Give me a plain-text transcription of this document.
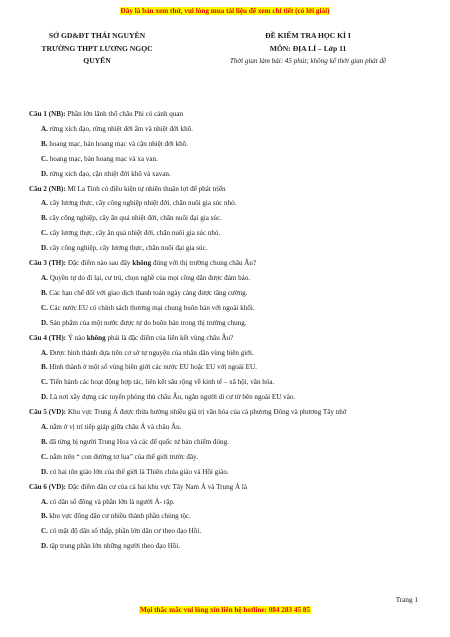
Đây là bản xem thử, vui lòng mua tài liệu để xem chi tiết (có lời giải)
SỞ GD&ĐT THÁI NGUYÊN
TRƯỜNG THPT LƯƠNG NGỌC
QUYẾN
ĐỀ KIỂM TRA HỌC KÌ I
MÔN: ĐỊA LÍ – Lớp 11
Thời gian làm bài: 45 phút; không kể thời gian phát đề
Câu 1 (NB): Phần lớn lãnh thổ châu Phi có cảnh quan
A. rừng xích đạo, rừng nhiệt đới ẩm và nhiệt đới khô.
B. hoang mạc, bán hoang mạc và cận nhiệt đới khô.
C. hoang mạc, bán hoang mạc và xa van.
D. rừng xích đạo, cận nhiệt đới khô và xavan.
Câu 2 (NB): Mĩ La Tinh có điều kiện tự nhiên thuận lợi để phát triển
A. cây lương thực, cây công nghiệp nhiệt đới, chăn nuôi gia súc nhỏ.
B. cây công nghiệp, cây ăn quả nhiệt đới, chăn nuôi đại gia súc.
C. cây lương thực, cây ăn quả nhiệt đới, chăn nuôi gia súc nhỏ.
D. cây công nghiệp, cây lương thực, chăn nuôi đại gia súc.
Câu 3 (TH): Đặc điểm nào sau đây không đúng với thị trường chung châu Âu?
A. Quyền tự do đi lại, cư trú, chọn nghề của mọi công dân được đảm bảo.
B. Các hạn chế đối với giao dịch thanh toán ngày càng được tăng cường.
C. Các nước EU có chính sách thương mại chung buôn bán với ngoài khối.
D. Sản phẩm của một nước được tự do buôn bán trong thị trường chung.
Câu 4 (TH): Ý nào không phải là đặc điểm của liên kết vùng châu Âu?
A. Được hình thành dựa trên cơ sở tự nguyện của nhân dân vùng biên giới.
B. Hình thành ở một số vùng biên giới các nước EU hoặc EU với ngoài EU.
C. Tiến hành các hoạt động hợp tác, liên kết sâu rộng về kinh tế – xã hội, văn hóa.
D. Là nơi xây dựng các tuyến phòng thủ châu Âu, ngăn người di cư từ bên ngoài EU vào.
Câu 5 (VD): Khu vực Trung Á được thừa hưởng nhiều giá trị văn hóa của cả phương Đông và phương Tây nhờ
A. nằm ở vị trí tiếp giáp giữa châu Á và châu Âu.
B. đã từng bị người Trung Hoa và các đế quốc tư bản chiếm đóng.
C. nằm trên “ con đường tơ lụa” của thế giới trước đây.
D. có hai tôn giáo lớn của thế giới là Thiên chúa giáo và Hồi giáo.
Câu 6 (VD): Đặc điểm dân cư của cả hai khu vực Tây Nam Á và Trung Á là
A. có dân số đông và phần lớn là người Ả- rập.
B. khu vực đông dân cư nhiều thành phần chủng tộc.
C. có mật độ dân số thấp, phần lớn dân cư theo đạo Hồi.
D. tập trung phần lớn những người theo đạo Hồi.
Trang 1
Mọi thắc mắc vui lòng xin liên hệ hotline: 084 283 45 85
